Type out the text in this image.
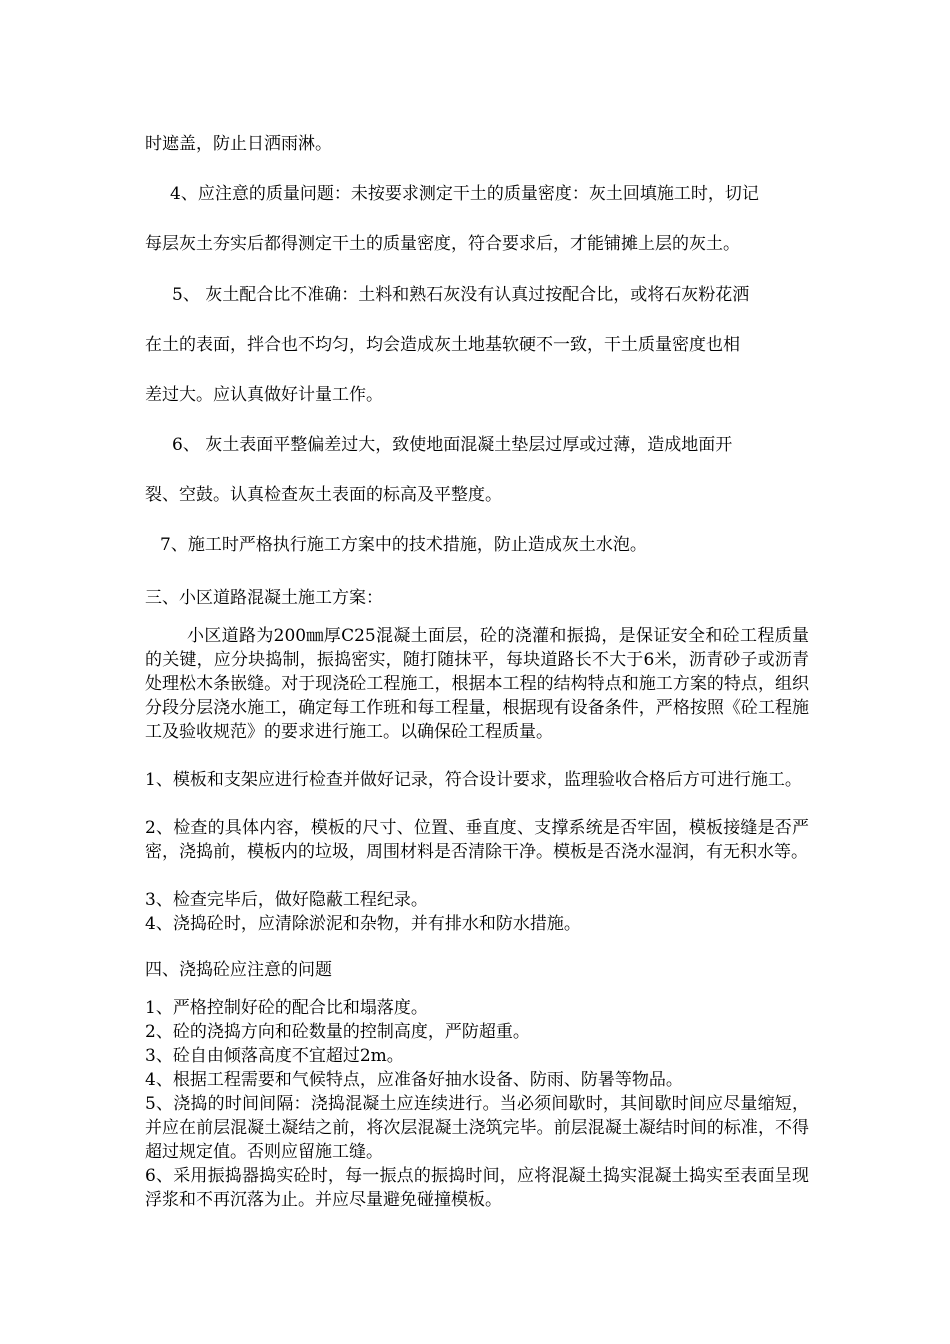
时遮盖，防止日洒雨淋。
4、应注意的质量问题：未按要求测定干土的质量密度：灰土回填施工时，切记
每层灰土夯实后都得测定干土的质量密度，符合要求后，才能铺摊上层的灰土。
5、 灰土配合比不准确：土料和熟石灰没有认真过按配合比，或将石灰粉花洒
在土的表面，拌合也不均匀，均会造成灰土地基软硬不一致，干土质量密度也相
差过大。应认真做好计量工作。
6、 灰土表面平整偏差过大，致使地面混凝土垫层过厚或过薄，造成地面开
裂、空鼓。认真检查灰土表面的标高及平整度。
7、施工时严格执行施工方案中的技术措施，防止造成灰土水泡。
三、小区道路混凝土施工方案：
小区道路为200㎜厚C25混凝土面层，砼的浇灌和振捣，是保证安全和砼工程质量的关键，应分块捣制，振捣密实，随打随抹平，每块道路长不大于6米，沥青砂子或沥青处理松木条嵌缝。对于现浇砼工程施工，根据本工程的结构特点和施工方案的特点，组织分段分层浇水施工，确定每工作班和每工程量，根据现有设备条件，严格按照《砼工程施工及验收规范》的要求进行施工。以确保砼工程质量。
1、模板和支架应进行检查并做好记录，符合设计要求，监理验收合格后方可进行施工。
2、检查的具体内容，模板的尺寸、位置、垂直度、支撑系统是否牢固，模板接缝是否严密，浇捣前，模板内的垃圾，周围材料是否清除干净。模板是否浇水湿润，有无积水等。
3、检查完毕后，做好隐蔽工程纪录。
4、浇捣砼时，应清除淤泥和杂物，并有排水和防水措施。
四、浇捣砼应注意的问题
1、严格控制好砼的配合比和塌落度。
2、砼的浇捣方向和砼数量的控制高度，严防超重。
3、砼自由倾落高度不宜超过2m。
4、根据工程需要和气候特点，应准备好抽水设备、防雨、防暑等物品。
5、浇捣的时间间隔：浇捣混凝土应连续进行。当必须间歇时，其间歇时间应尽量缩短，并应在前层混凝土凝结之前，将次层混凝土浇筑完毕。前层混凝土凝结时间的标准，不得超过规定值。否则应留施工缝。
6、采用振捣器捣实砼时，每一振点的振捣时间，应将混凝土捣实混凝土捣实至表面呈现浮浆和不再沉落为止。并应尽量避免碰撞模板。
